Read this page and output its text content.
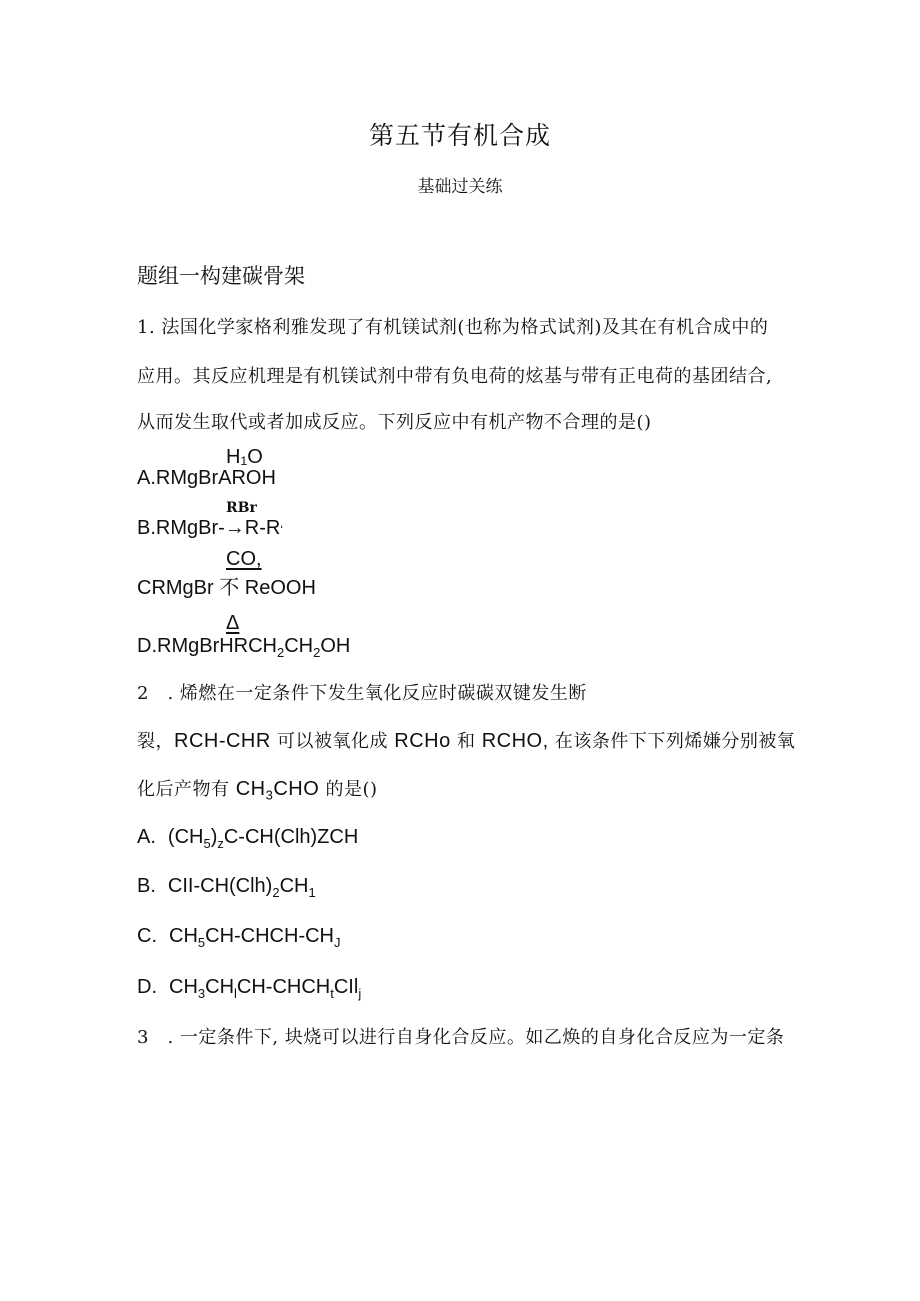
第五节有机合成
基础过关练
题组一构建碳骨架
1. 法国化学家格利雅发现了有机镁试剂(也称为格式试剂)及其在有机合成中的
应用。其反应机理是有机镁试剂中带有负电荷的炫基与带有正电荷的基团结合,
从而发生取代或者加成反应。下列反应中有机产物不合理的是()
H₁O
A.RMgBrAROH
RBr
B.RMgBr-→R-Rʻ
CO,
CRMgBr 不 ReOOH
Δ
$D.RMgBrHRCH_2CH_2OH$
2　. 烯燃在一定条件下发生氧化反应时碳碳双键发生断
裂，RCH-CHR 可以被氧化成 RCHo 和 RCHO, 在该条件下下列烯嫌分别被氧
化后产物有 $CH_3CHO$ 的是()
A. $(CH_5)_zC-CH(Clh)ZCH$
B. CII-$CH(Clh)_2CH_1$
C. $CH_5CH-CHCH-CH_J$
D. $CH_3CH_lCH-CHCH_tCIl_j$
3　. 一定条件下, 块烧可以进行自身化合反应。如乙焕的自身化合反应为一定条
